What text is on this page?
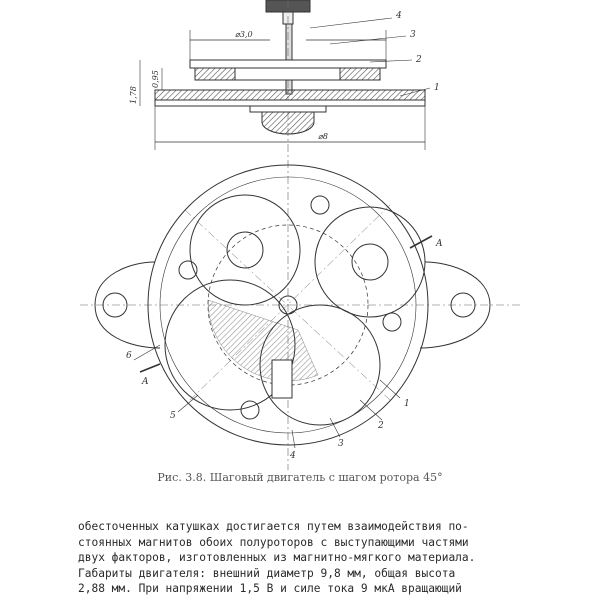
⌀3,0
⌀8
1,78
0,95
4
3
2
1
1
2
3
4
5
6
A
A
Рис. 3.8. Шаговый двигатель с шагом ротора 45°
обесточенных катушках достигается путем взаимодействия по-
стоянных магнитов обоих полуроторов с выступающими частями
двух факторов, изготовленных из магнитно-мягкого материала.
Габариты двигателя: внешний диаметр 9,8 мм, общая высота
2,88 мм. При напряжении 1,5 В и силе тока 9 мкА вращающий
